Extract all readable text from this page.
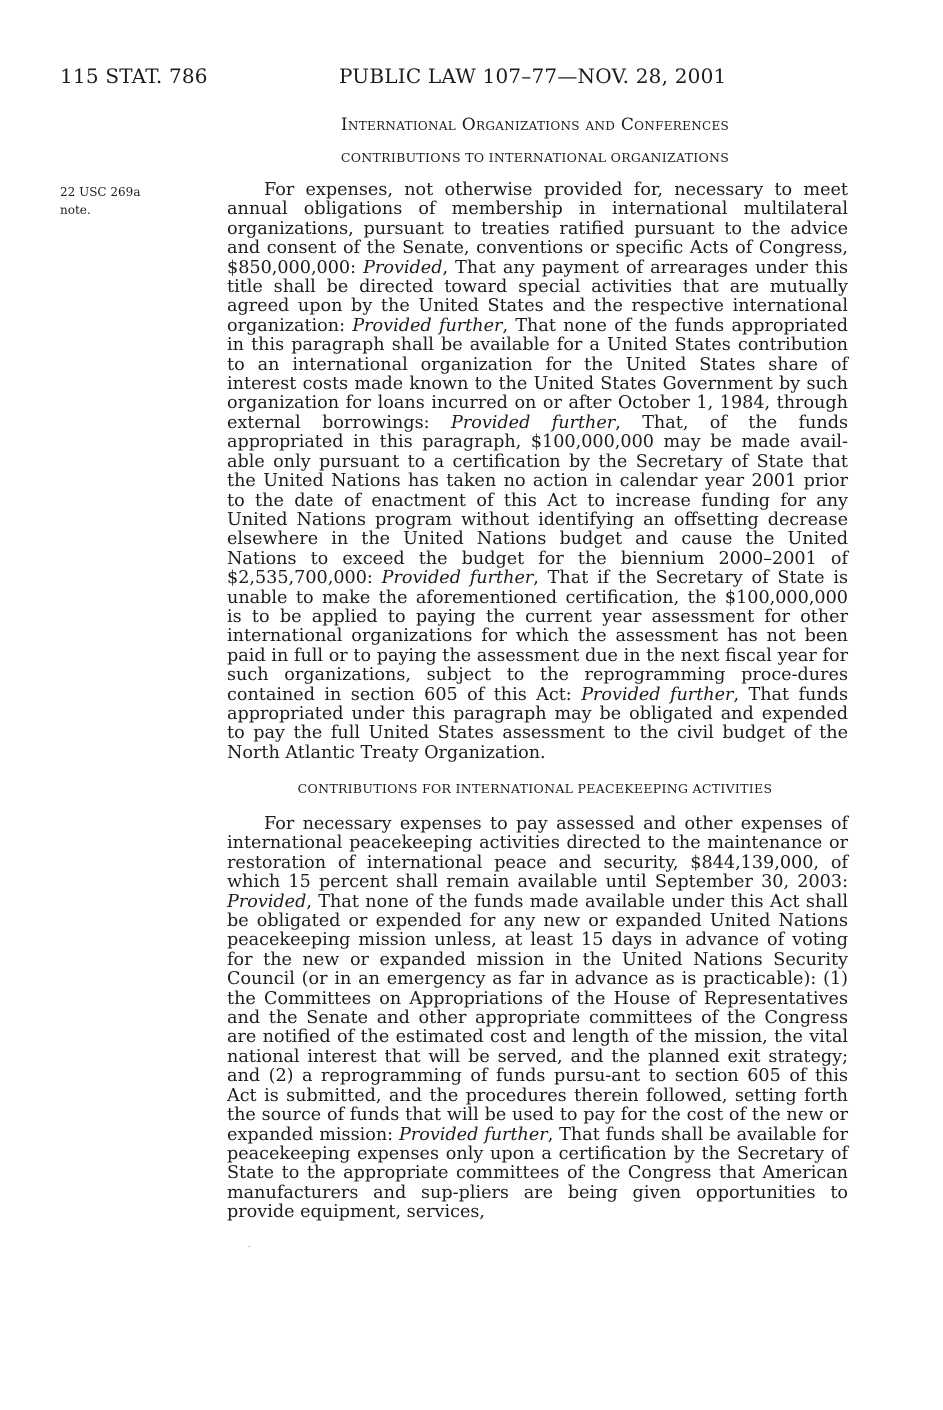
115 STAT. 786	PUBLIC LAW 107–77—NOV. 28, 2001
International Organizations and Conferences
CONTRIBUTIONS TO INTERNATIONAL ORGANIZATIONS
22 USC 269a
note.

For expenses, not otherwise provided for, necessary to meet annual obligations of membership in international multilateral organizations, pursuant to treaties ratified pursuant to the advice and consent of the Senate, conventions or specific Acts of Congress, $850,000,000: Provided, That any payment of arrearages under this title shall be directed toward special activities that are mutually agreed upon by the United States and the respective international organization: Provided further, That none of the funds appropriated in this paragraph shall be available for a United States contribution to an international organization for the United States share of interest costs made known to the United States Government by such organization for loans incurred on or after October 1, 1984, through external borrowings: Provided further, That, of the funds appropriated in this paragraph, $100,000,000 may be made avail-able only pursuant to a certification by the Secretary of State that the United Nations has taken no action in calendar year 2001 prior to the date of enactment of this Act to increase funding for any United Nations program without identifying an offsetting decrease elsewhere in the United Nations budget and cause the United Nations to exceed the budget for the biennium 2000–2001 of $2,535,700,000: Provided further, That if the Secretary of State is unable to make the aforementioned certification, the $100,000,000 is to be applied to paying the current year assessment for other international organizations for which the assessment has not been paid in full or to paying the assessment due in the next fiscal year for such organizations, subject to the reprogramming proce-dures contained in section 605 of this Act: Provided further, That funds appropriated under this paragraph may be obligated and expended to pay the full United States assessment to the civil budget of the North Atlantic Treaty Organization.

CONTRIBUTIONS FOR INTERNATIONAL PEACEKEEPING ACTIVITIES

For necessary expenses to pay assessed and other expenses of international peacekeeping activities directed to the maintenance or restoration of international peace and security, $844,139,000, of which 15 percent shall remain available until September 30, 2003: Provided, That none of the funds made available under this Act shall be obligated or expended for any new or expanded United Nations peacekeeping mission unless, at least 15 days in advance of voting for the new or expanded mission in the United Nations Security Council (or in an emergency as far in advance as is practicable): (1) the Committees on Appropriations of the House of Representatives and the Senate and other appropriate committees of the Congress are notified of the estimated cost and length of the mission, the vital national interest that will be served, and the planned exit strategy; and (2) a reprogramming of funds pursu-ant to section 605 of this Act is submitted, and the procedures therein followed, setting forth the source of funds that will be used to pay for the cost of the new or expanded mission: Provided further, That funds shall be available for peacekeeping expenses only upon a certification by the Secretary of State to the appropriate committees of the Congress that American manufacturers and sup-pliers are being given opportunities to provide equipment, services,
